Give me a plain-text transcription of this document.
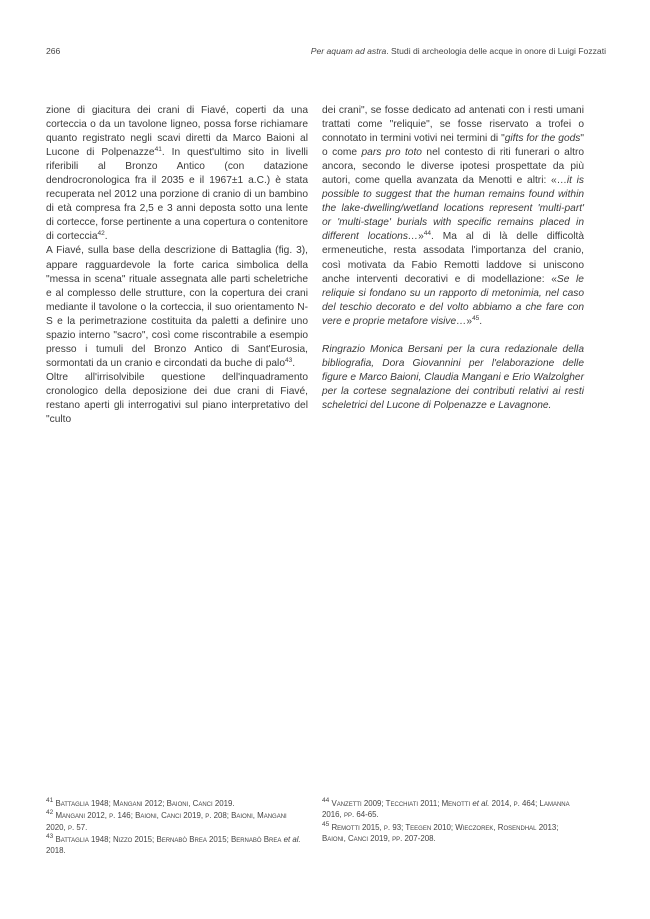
266	Per aquam ad astra. Studi di archeologia delle acque in onore di Luigi Fozzati

zione di giacitura dei crani di Fiavé, coperti da una corteccia o da un tavolone ligneo, possa forse richiamare quanto registrato negli scavi diretti da Marco Baioni al Lucone di Polpenazze$^{41}$. In quest'ultimo sito in livelli riferibili al Bronzo Antico (con datazione dendrocronologica fra il 2035 e il 1967±1 a.C.) è stata recuperata nel 2012 una porzione di cranio di un bambino di età compresa fra 2,5 e 3 anni deposta sotto una lente di cortecce, forse pertinente a una copertura o contenitore di corteccia$^{42}$.

A Fiavé, sulla base della descrizione di Battaglia (fig. 3), appare ragguardevole la forte carica simbolica della "messa in scena" rituale assegnata alle parti scheletriche e al complesso delle strutture, con la copertura dei crani mediante il tavolone o la corteccia, il suo orientamento N-S e la perimetrazione costituita da paletti a definire uno spazio interno "sacro", così come riscontrabile a esempio presso i tumuli del Bronzo Antico di Sant'Eurosia, sormontati da un cranio e circondati da buche di palo$^{43}$.

Oltre all'irrisolvibile questione dell'inquadramento cronologico della deposizione dei due crani di Fiavé, restano aperti gli interrogativi sul piano interpretativo del "culto

dei crani", se fosse dedicato ad antenati con i resti umani trattati come "reliquie", se fosse riservato a trofei o connotato in termini votivi nei termini di "gifts for the gods" o come pars pro toto nel contesto di riti funerari o altro ancora, secondo le diverse ipotesi prospettate da più autori, come quella avanzata da Menotti e altri: «…it is possible to suggest that the human remains found within the lake-dwelling/wetland locations represent 'multi-part' or 'multi-stage' burials with specific remains placed in different locations…»$^{44}$. Ma al di là delle difficoltà ermeneutiche, resta assodata l'importanza del cranio, così motivata da Fabio Remotti laddove si uniscono anche interventi decorativi e di modellazione: «Se le reliquie si fondano su un rapporto di metonimia, nel caso del teschio decorato e del volto abbiamo a che fare con vere e proprie metafore visive…»$^{45}$.

Ringrazio Monica Bersani per la cura redazionale della bibliografia, Dora Giovannini per l'elaborazione delle figure e Marco Baioni, Claudia Mangani e Erio Walzolgher per la cortese segnalazione dei contributi relativi ai resti scheletrici del Lucone di Polpenazze e Lavagnone.

$^{41}$ Battaglia 1948; Mangani 2012; Baioni, Canci 2019.

$^{42}$ Mangani 2012, p. 146; Baioni, Canci 2019, p. 208; Baioni, Mangani 2020, p. 57.

$^{43}$ Battaglia 1948; Nizzo 2015; Bernabò Brea 2015; Bernabò Brea et al. 2018.

$^{44}$ Vanzetti 2009; Tecchiati 2011; Menotti et al. 2014, p. 464; Lamanna 2016, pp. 64-65.

$^{45}$ Remotti 2015, p. 93; Teegen 2010; Wieczorek, Rosendhal 2013; Baioni, Canci 2019, pp. 207-208.
